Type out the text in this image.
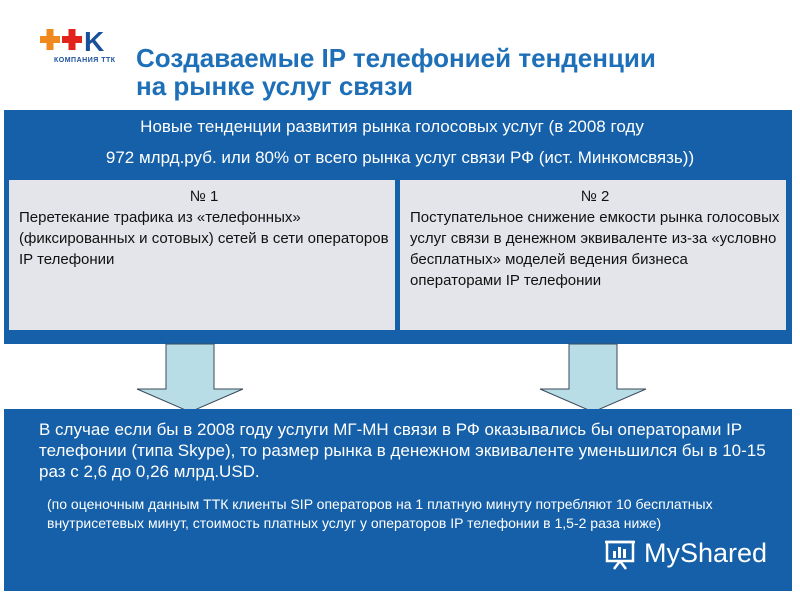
K
КОМПАНИЯ ТТК Создаваемые IP телефонией тенденции
на рынке услуг связи
Новые тенденции развития рынка голосовых услуг (в 2008 году
972 млрд.руб. или 80% от всего рынка услуг связи РФ (ист. Минкомсвязь))
№ 1
Перетекание трафика из «телефонных» (фиксированных и сотовых) сетей в сети операторов IP телефонии
№ 2
Поступательное снижение емкости рынка голосовых услуг связи в денежном эквиваленте из-за «условно бесплатных» моделей ведения бизнеса операторами IP телефонии
В случае если бы в 2008 году услуги МГ-МН связи в РФ оказывались бы операторами IP телефонии (типа Skype), то размер рынка в денежном эквиваленте уменьшился бы в 10-15 раз с 2,6 до 0,26 млрд.USD.
(по оценочным данным ТТК клиенты SIP операторов на 1 платную минуту потребляют 10 бесплатных внутрисетевых минут, стоимость платных услуг у операторов IP телефонии в 1,5-2 раза ниже)
MyShared
